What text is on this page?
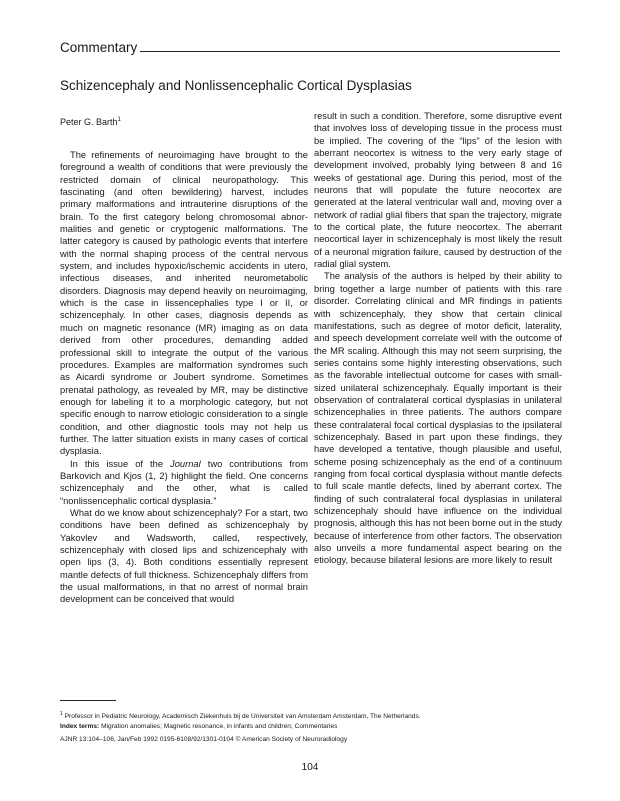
Commentary
Schizencephaly and Nonlissencephalic Cortical Dysplasias
Peter G. Barth$^1$

The refinements of neuroimaging have brought to the foreground a wealth of conditions that were previously the restricted domain of clinical neuropathology. This fascinating (and often bewildering) harvest, includes primary malformations and intrauterine disruptions of the brain. To the first category belong chromosomal abnormalities and genetic or cryptogenic malformations. The latter category is caused by pathologic events that interfere with the normal shaping process of the central nervous system, and includes hypoxic/ischemic accidents in utero, infectious diseases, and inherited neurometabolic disorders. Diagnosis may depend heavily on neuroimaging, which is the case in lissencephalies type I or II, or schizencephaly. In other cases, diagnosis depends as much on magnetic resonance (MR) imaging as on data derived from other procedures, demanding added professional skill to integrate the output of the various procedures. Examples are malformation syndromes such as Aicardi syndrome or Joubert syndrome. Sometimes prenatal pathology, as revealed by MR, may be distinctive enough for labeling it to a morphologic category, but not specific enough to narrow etiologic consideration to a single condition, and other diagnostic tools may not help us further. The latter situation exists in many cases of cortical dysplasia.

In this issue of the Journal two contributions from Barkovich and Kjos (1, 2) highlight the field. One concerns schizencephaly and the other, what is called “nonlissencephalic cortical dysplasia.”

What do we know about schizencephaly? For a start, two conditions have been defined as schizencephaly by Yakovlev and Wadsworth, called, respectively, schizencephaly with closed lips and schizencephaly with open lips (3, 4). Both conditions essentially represent mantle defects of full thickness. Schizencephaly differs from the usual malformations, in that no arrest of normal brain development can be conceived that would

result in such a condition. Therefore, some disruptive event that involves loss of developing tissue in the process must be implied. The covering of the “lips” of the lesion with aberrant neocortex is witness to the very early stage of development involved, probably lying between 8 and 16 weeks of gestational age. During this period, most of the neurons that will populate the future neocortex are generated at the lateral ventricular wall and, moving over a network of radial glial fibers that span the trajectory, migrate to the cortical plate, the future neocortex. The aberrant neocortical layer in schizencephaly is most likely the result of a neuronal migration failure, caused by destruction of the radial glial system.

The analysis of the authors is helped by their ability to bring together a large number of patients with this rare disorder. Correlating clinical and MR findings in patients with schizencephaly, they show that certain clinical manifestations, such as degree of motor deficit, laterality, and speech development correlate well with the outcome of the MR scaling. Although this may not seem surprising, the series contains some highly interesting observations, such as the favorable intellectual outcome for cases with small-sized unilateral schizencephaly. Equally important is their observation of contralateral cortical dysplasias in unilateral schizencephalies in three patients. The authors compare these contralateral focal cortical dysplasias to the ipsilateral schizencephaly. Based in part upon these findings, they have developed a tentative, though plausible and useful, scheme posing schizencephaly as the end of a continuum ranging from focal cortical dysplasia without mantle defects to full scale mantle defects, lined by aberrant cortex. The finding of such contralateral focal dysplasias in unilateral schizencephaly should have influence on the individual prognosis, although this has not been borne out in the study because of interference from other factors. The observation also unveils a more fundamental aspect bearing on the etiology, because bilateral lesions are more likely to result

$^1$ Professor in Pediatric Neurology, Academisch Ziekenhuis bij de Universiteit van Amsterdam Amsterdam, The Netherlands.
Index terms: Migration anomalies; Magnetic resonance, in infants and children; Commentaries
AJNR 13:104–106, Jan/Feb 1992 0195-6108/92/1301-0104 © American Society of Neuroradiology
104
